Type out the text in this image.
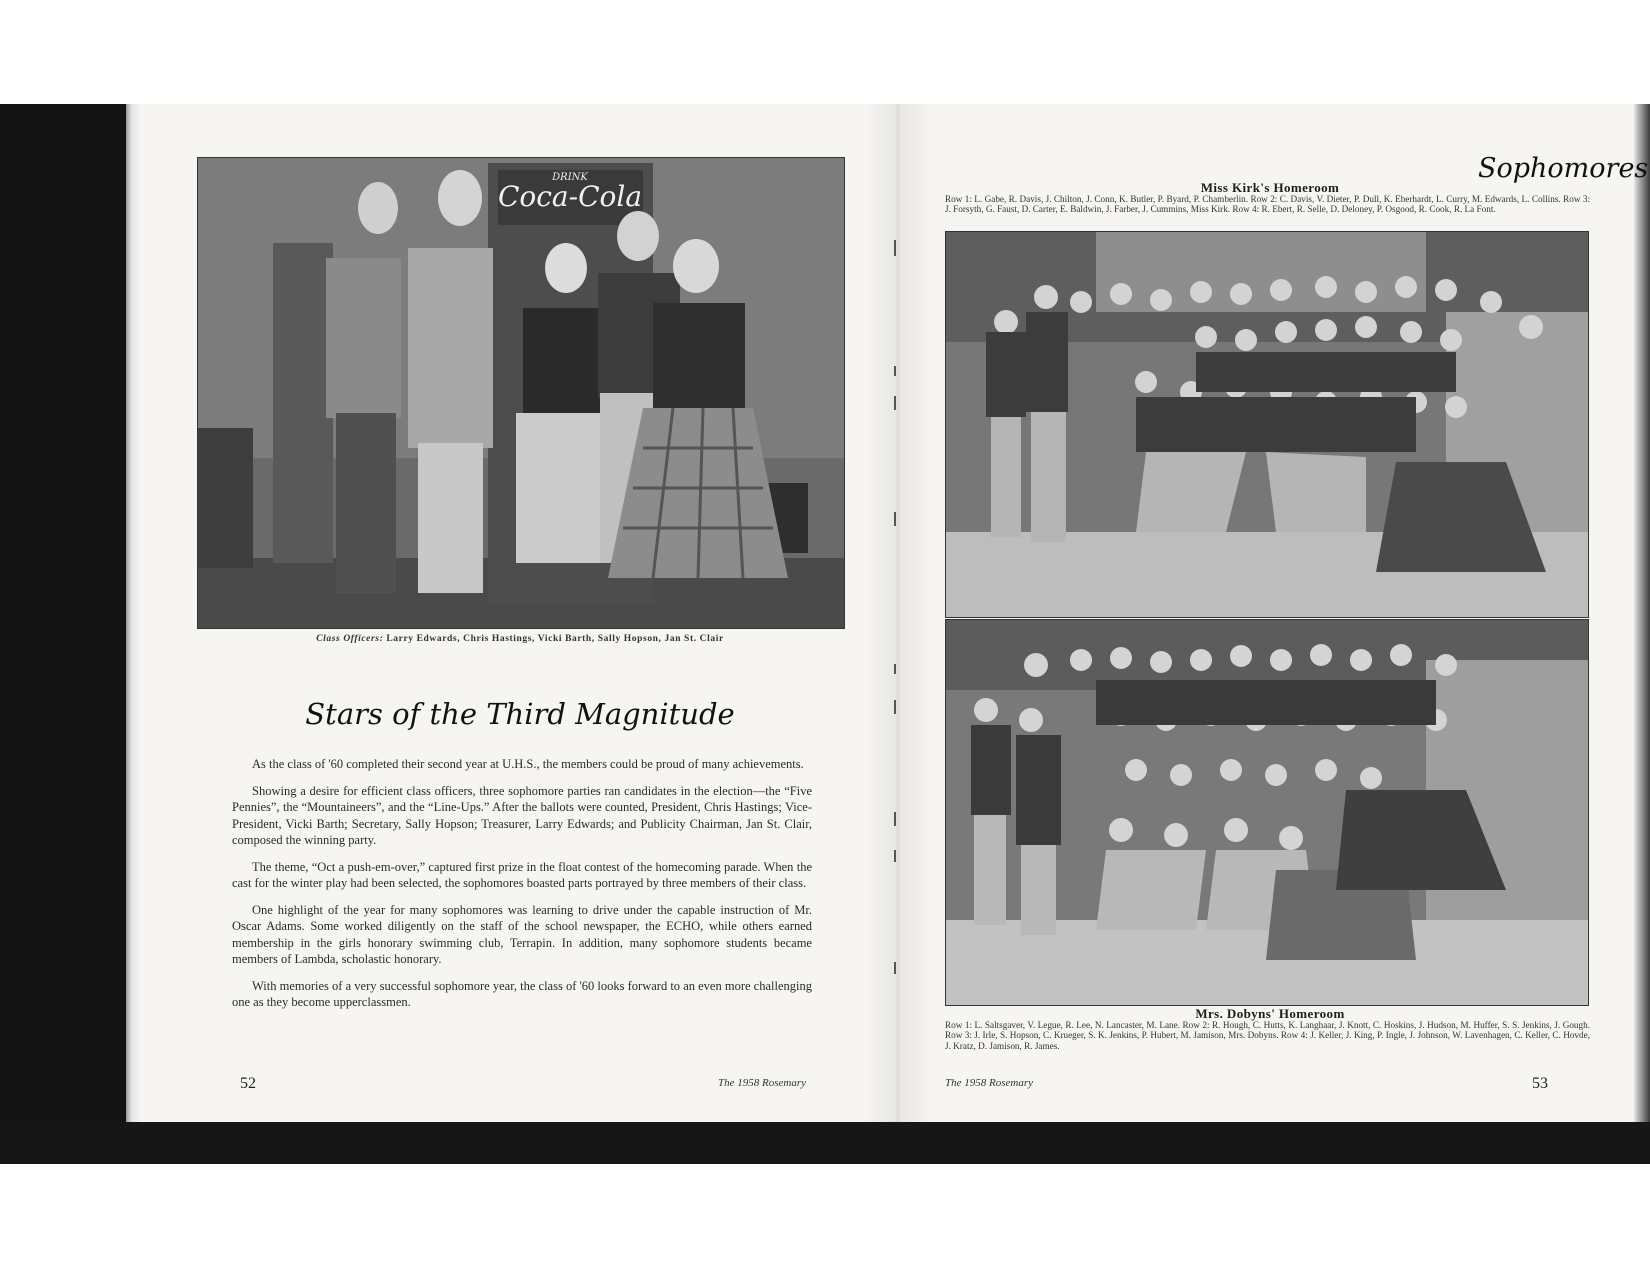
DRINK
Coca-Cola
Class Officers: Larry Edwards, Chris Hastings, Vicki Barth, Sally Hopson, Jan St. Clair
Stars of the Third Magnitude

As the class of '60 completed their second year at U.H.S., the members could be proud of many achievements.

Showing a desire for efficient class officers, three sophomore parties ran candidates in the election—the “Five Pennies”, the “Mountaineers”, and the “Line-Ups.” After the ballots were counted, President, Chris Hastings; Vice-President, Vicki Barth; Secretary, Sally Hopson; Treasurer, Larry Edwards; and Publicity Chairman, Jan St. Clair, composed the winning party.

The theme, “Oct a push-em-over,” captured first prize in the float contest of the homecoming parade. When the cast for the winter play had been selected, the sophomores boasted parts portrayed by three members of their class.

One highlight of the year for many sophomores was learning to drive under the capable instruction of Mr. Oscar Adams. Some worked diligently on the staff of the school newspaper, the ECHO, while others earned membership in the girls honorary swimming club, Terrapin. In addition, many sophomore students became members of Lambda, scholastic honorary.

With memories of a very successful sophomore year, the class of '60 looks forward to an even more challenging one as they become upperclassmen.

52	The 1958 Rosemary
Sophomores
Miss Kirk's Homeroom
Row 1: L. Gabe, R. Davis, J. Chilton, J. Conn, K. Butler, P. Byard, P. Chamberlin. Row 2: C. Davis, V. Dieter, P. Dull, K. Eberhardt, L. Curry, M. Edwards, L. Collins. Row 3: J. Forsyth, G. Faust, D. Carter, E. Baldwin, J. Farber, J. Cummins, Miss Kirk. Row 4: R. Ebert, R. Selle, D. Deloney, P. Osgood, R. Cook, R. La Font.
Mrs. Dobyns' Homeroom
Row 1: L. Saltsgaver, V. Legue, R. Lee, N. Lancaster, M. Lane. Row 2: R. Hough, C. Hutts, K. Langhaar, J. Knott, C. Hoskins, J. Hudson, M. Huffer, S. S. Jenkins, J. Gough. Row 3: J. Irle, S. Hopson, C. Krueger, S. K. Jenkins, P. Hubert, M. Jamison, Mrs. Dobyns. Row 4: J. Keller, J. King, P. Ingle, J. Johnson, W. Lavenhagen, C. Keller, C. Hovde, J. Kratz, D. Jamison, R. James.
The 1958 Rosemary	53
